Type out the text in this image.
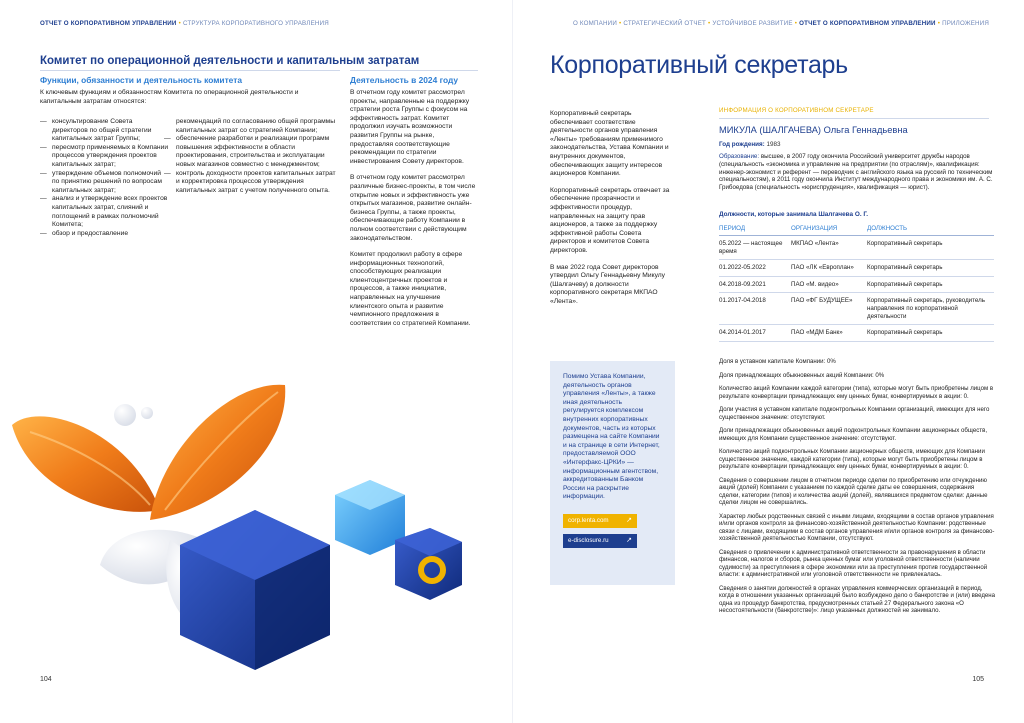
ОТЧЕТ О КОРПОРАТИВНОМ УПРАВЛЕНИИ • СТРУКТУРА КОРПОРАТИВНОГО УПРАВЛЕНИЯ
Комитет по операционной деятельности и капитальным затратам
Функции, обязанности и деятельность комитета	Деятельность в 2024 году
К ключевым функциям и обязанностям Комитета по операционной деятельности и капитальным затратам относятся:
— консультирование Совета директоров по общей стратегии капитальных затрат Группы;
— пересмотр применяемых в Компании процессов утверждения проектов капитальных затрат;
— утверждение объемов полномочий по принятию решений по вопросам капитальных затрат;
— анализ и утверждение всех проектов капитальных затрат, слияний и поглощений в рамках полномочий Комитета;
— обзор и предоставление
рекомендаций по согласованию общей программы капитальных затрат со стратегией Компании;
— обеспечение разработки и реализации программ повышения эффективности в области проектирования, строительства и эксплуатации новых магазинов совместно с менеджментом;
— контроль доходности проектов капитальных затрат и корректировка процессов утверждения капитальных затрат с учетом полученного опыта.

В отчетном году комитет рассмотрел проекты, направленные на поддержку стратегии роста Группы с фокусом на эффективность затрат. Комитет продолжил изучать возможности развития Группы на рынке, предоставляя соответствующие рекомендации по стратегии инвестирования Совету директоров.

В отчетном году комитет рассмотрел различные бизнес-проекты, в том числе открытие новых и эффективность уже открытых магазинов, развитие онлайн-бизнеса Группы, а также проекты, обеспечивающие работу Компании в полном соответствии с действующим законодательством.

Комитет продолжил работу в сфере информационных технологий, способствующих реализации клиентоцентричных проектов и процессов, а также инициатив, направленных на улучшение клиентского опыта и развитие чемпионного предложения в соответствии со стратегией Компании.

104
О КОМПАНИИ • СТРАТЕГИЧЕСКИЙ ОТЧЕТ • УСТОЙЧИВОЕ РАЗВИТИЕ • ОТЧЕТ О КОРПОРАТИВНОМ УПРАВЛЕНИИ • ПРИЛОЖЕНИЯ
Корпоративный секретарь

Корпоративный секретарь обеспечивает соответствие деятельности органов управления «Ленты» требованиям применимого законодательства, Устава Компании и внутренних документов, обеспечивающих защиту интересов акционеров Компании.

Корпоративный секретарь отвечает за обеспечение прозрачности и эффективности процедур, направленных на защиту прав акционеров, а также за поддержку эффективной работы Совета директоров и комитетов Совета директоров.

В мае 2022 года Совет директоров утвердил Ольгу Геннадьевну Микулу (Шалгачеву) в должности корпоративного секретаря МКПАО «Лента».

Помимо Устава Компании, деятельность органов управления «Ленты», а также иная деятельность регулируется комплексом внутренних корпоративных документов, часть из которых размещена на сайте Компании и на странице в сети Интернет, предоставляемой ООО «Интерфакс-ЦРКИ» — информационным агентством, аккредитованным Банком России на раскрытие информации.
corp.lenta.com	↗
e-disclosure.ru	↗
ИНФОРМАЦИЯ О КОРПОРАТИВНОМ СЕКРЕТАРЕ
МИКУЛА (ШАЛГАЧЕВА) Ольга Геннадьевна
Год рождения: 1983
Образование: высшее, в 2007 году окончила Российский университет дружбы народов (специальность «экономика и управление на предприятии (по отраслям)», квалификация: инженер-экономист и референт — переводчик с английского языка на русский по техническим специальностям), в 2011 году окончила Институт международного права и экономики им. А. С. Грибоедова (специальность «юриспруденция», квалификация — юрист).
Должности, которые занимала Шалгачева О. Г.
ПЕРИОД	ОРГАНИЗАЦИЯ	ДОЛЖНОСТЬ
05.2022 — настоящее время	МКПАО «Лента»	Корпоративный секретарь
01.2022-05.2022	ПАО «ЛК «Европлан»	Корпоративный секретарь
04.2018-09.2021	ПАО «М. видео»	Корпоративный секретарь
01.2017-04.2018	ПАО «ФГ БУДУЩЕЕ»	Корпоративный секретарь, руководитель направления по корпоративной деятельности
04.2014-01.2017	ПАО «МДМ Банк»	Корпоративный секретарь

Доля в уставном капитале Компании: 0%

Доля принадлежащих обыкновенных акций Компании: 0%

Количество акций Компании каждой категории (типа), которые могут быть приобретены лицом в результате конвертации принадлежащих ему ценных бумаг, конвертируемых в акции: 0.

Доли участия в уставном капитале подконтрольных Компании организаций, имеющих для него существенное значение: отсутствуют.

Доли принадлежащих обыкновенных акций подконтрольных Компании акционерных обществ, имеющих для Компании существенное значение: отсутствуют.

Количество акций подконтрольных Компании акционерных обществ, имеющих для Компании существенное значение, каждой категории (типа), которые могут быть приобретены лицом в результате конвертации принадлежащих ему ценных бумаг, конвертируемых в акции: 0.

Сведения о совершении лицом в отчетном периоде сделки по приобретению или отчуждению акций (долей) Компании с указанием по каждой сделке даты ее совершения, содержания сделки, категории (типов) и количества акций (долей), являвшихся предметом сделки: данные сделки лицом не совершались.

Характер любых родственных связей с иными лицами, входящими в состав органов управления и/или органов контроля за финансово-хозяйственной деятельностью Компании: родственные связи с лицами, входящими в состав органов управления и/или органов контроля за финансово-хозяйственной деятельностью Компании, отсутствуют.

Сведения о привлечении к административной ответственности за правонарушения в области финансов, налогов и сборов, рынка ценных бумаг или уголовной ответственности (наличии судимости) за преступления в сфере экономики или за преступления против государственной власти: к административной или уголовной ответственности не привлекалась.

Сведения о занятии должностей в органах управления коммерческих организаций в период, когда в отношении указанных организаций было возбуждено дело о банкротстве и (или) введена одна из процедур банкротства, предусмотренных статьей 27 Федерального закона «О несостоятельности (банкротстве)»: лицо указанных должностей не занимало.

105
